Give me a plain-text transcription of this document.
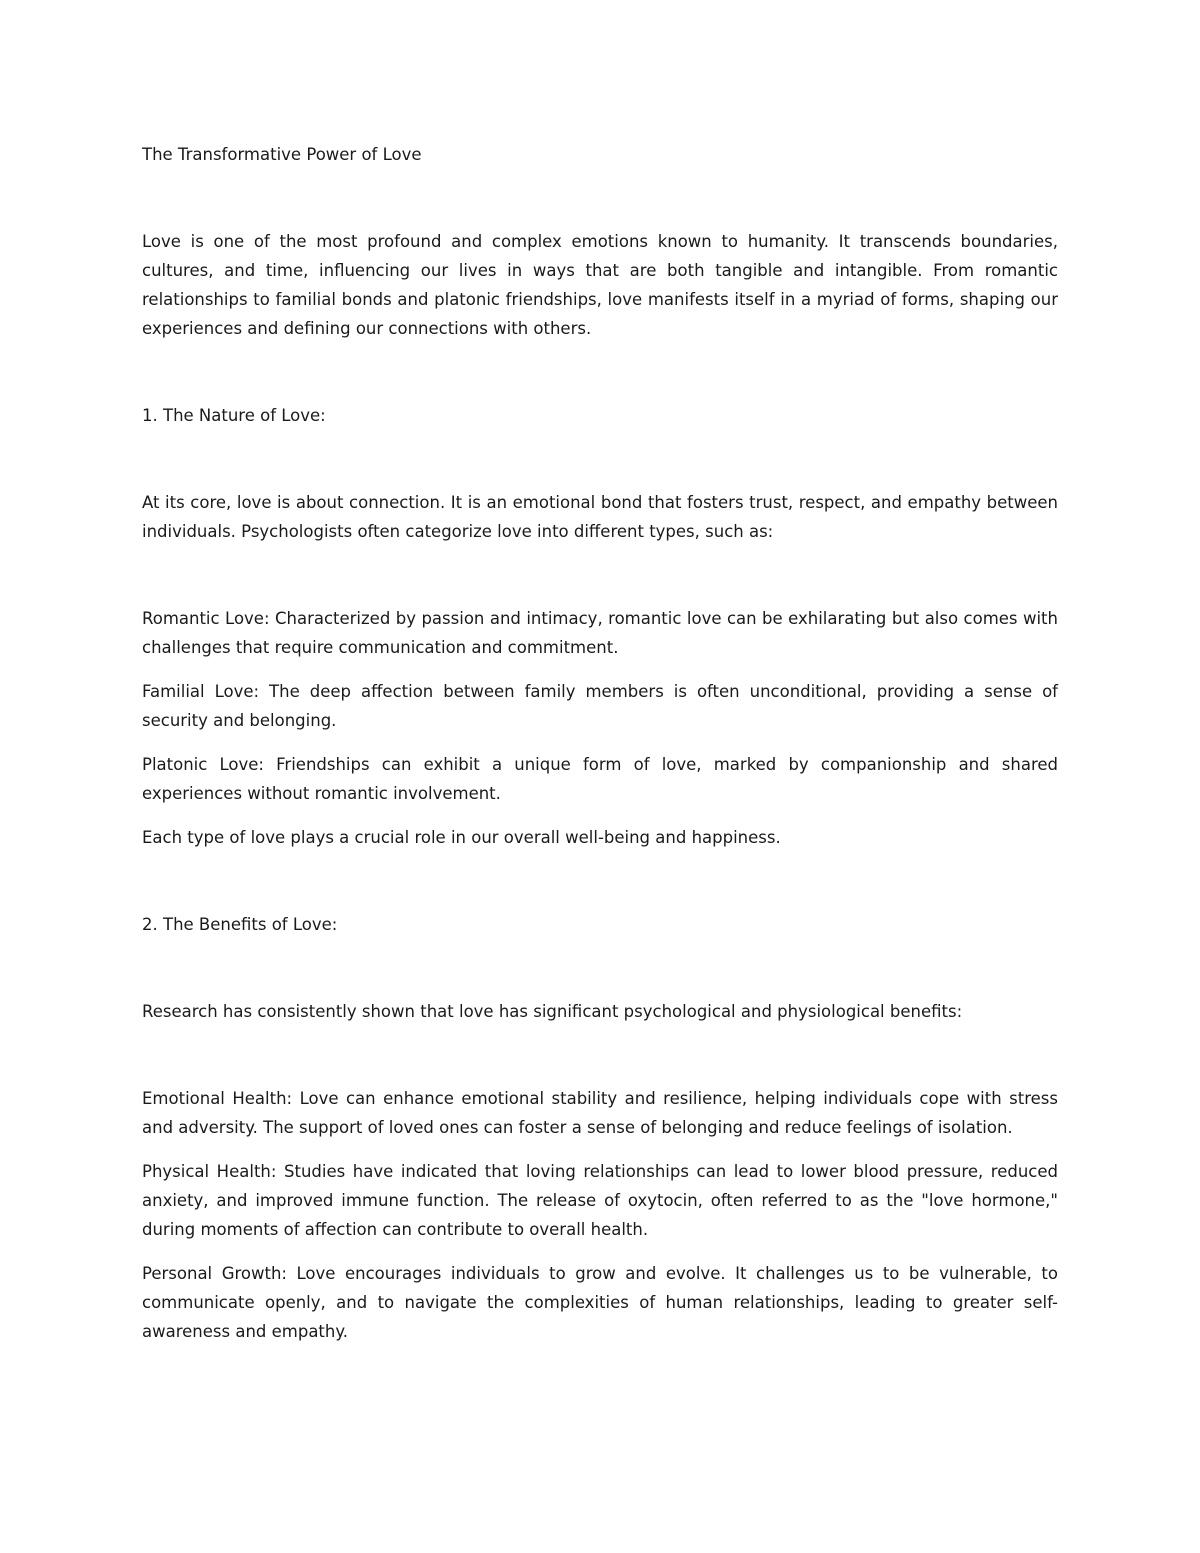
The Transformative Power of Love

Love is one of the most profound and complex emotions known to humanity. It transcends boundaries, cultures, and time, influencing our lives in ways that are both tangible and intangible. From romantic relationships to familial bonds and platonic friendships, love manifests itself in a myriad of forms, shaping our experiences and defining our connections with others.

1. The Nature of Love:

At its core, love is about connection. It is an emotional bond that fosters trust, respect, and empathy between individuals. Psychologists often categorize love into different types, such as:

Romantic Love: Characterized by passion and intimacy, romantic love can be exhilarating but also comes with challenges that require communication and commitment.

Familial Love: The deep affection between family members is often unconditional, providing a sense of security and belonging.

Platonic Love: Friendships can exhibit a unique form of love, marked by companionship and shared experiences without romantic involvement.

Each type of love plays a crucial role in our overall well-being and happiness.

2. The Benefits of Love:

Research has consistently shown that love has significant psychological and physiological benefits:

Emotional Health: Love can enhance emotional stability and resilience, helping individuals cope with stress and adversity. The support of loved ones can foster a sense of belonging and reduce feelings of isolation.

Physical Health: Studies have indicated that loving relationships can lead to lower blood pressure, reduced anxiety, and improved immune function. The release of oxytocin, often referred to as the "love hormone," during moments of affection can contribute to overall health.

Personal Growth: Love encourages individuals to grow and evolve. It challenges us to be vulnerable, to communicate openly, and to navigate the complexities of human relationships, leading to greater self-awareness and empathy.
